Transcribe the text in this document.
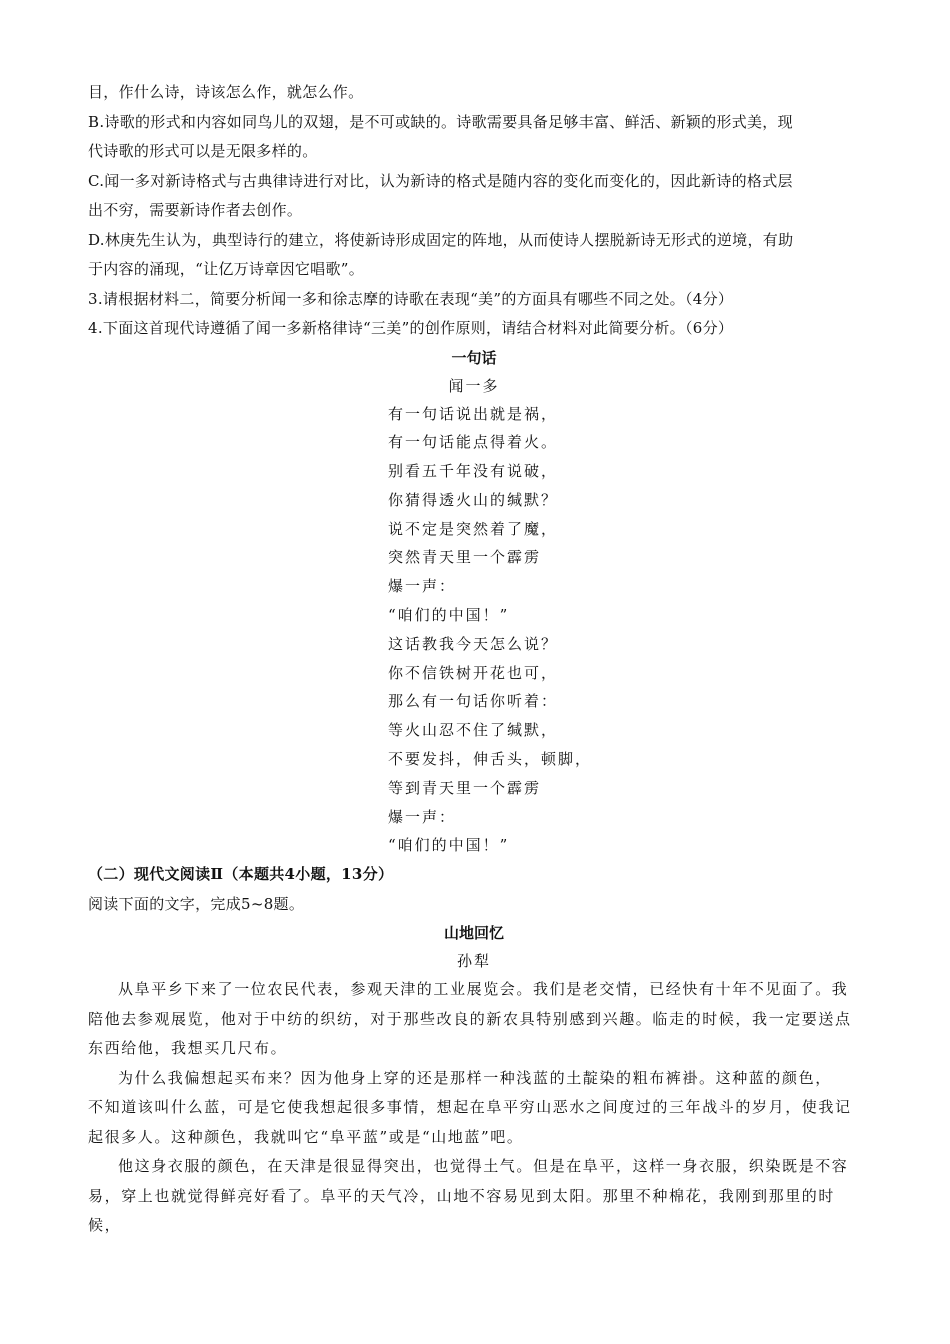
目，作什么诗，诗该怎么作，就怎么作。

B.诗歌的形式和内容如同鸟儿的双翅，是不可或缺的。诗歌需要具备足够丰富、鲜活、新颖的形式美，现

代诗歌的形式可以是无限多样的。

C.闻一多对新诗格式与古典律诗进行对比，认为新诗的格式是随内容的变化而变化的，因此新诗的格式层

出不穷，需要新诗作者去创作。

D.林庚先生认为，典型诗行的建立，将使新诗形成固定的阵地，从而使诗人摆脱新诗无形式的逆境，有助

于内容的涌现，“让亿万诗章因它唱歌”。

3.请根据材料二，简要分析闻一多和徐志摩的诗歌在表现“美”的方面具有哪些不同之处。（4分）

4.下面这首现代诗遵循了闻一多新格律诗“三美”的创作原则，请结合材料对此简要分析。（6分）

一句话

闻一多

有一句话说出就是祸，

有一句话能点得着火。

别看五千年没有说破，

你猜得透火山的缄默？

说不定是突然着了魔，

突然青天里一个霹雳

爆一声：

“咱们的中国！”

这话教我今天怎么说？

你不信铁树开花也可，

那么有一句话你听着：

等火山忍不住了缄默，

不要发抖，伸舌头，顿脚，

等到青天里一个霹雳

爆一声：

“咱们的中国！”

（二）现代文阅读Ⅱ（本题共4小题，13分）

阅读下面的文字，完成5~8题。

山地回忆

孙犁

从阜平乡下来了一位农民代表，参观天津的工业展览会。我们是老交情，已经快有十年不见面了。我

陪他去参观展览，他对于中纺的织纺，对于那些改良的新农具特别感到兴趣。临走的时候，我一定要送点

东西给他，我想买几尺布。

为什么我偏想起买布来？因为他身上穿的还是那样一种浅蓝的土靛染的粗布裤褂。这种蓝的颜色，

不知道该叫什么蓝，可是它使我想起很多事情，想起在阜平穷山恶水之间度过的三年战斗的岁月，使我记

起很多人。这种颜色，我就叫它“阜平蓝”或是“山地蓝”吧。

他这身衣服的颜色，在天津是很显得突出，也觉得土气。但是在阜平，这样一身衣服，织染既是不容

易，穿上也就觉得鲜亮好看了。阜平的天气冷，山地不容易见到太阳。那里不种棉花，我刚到那里的时候，
